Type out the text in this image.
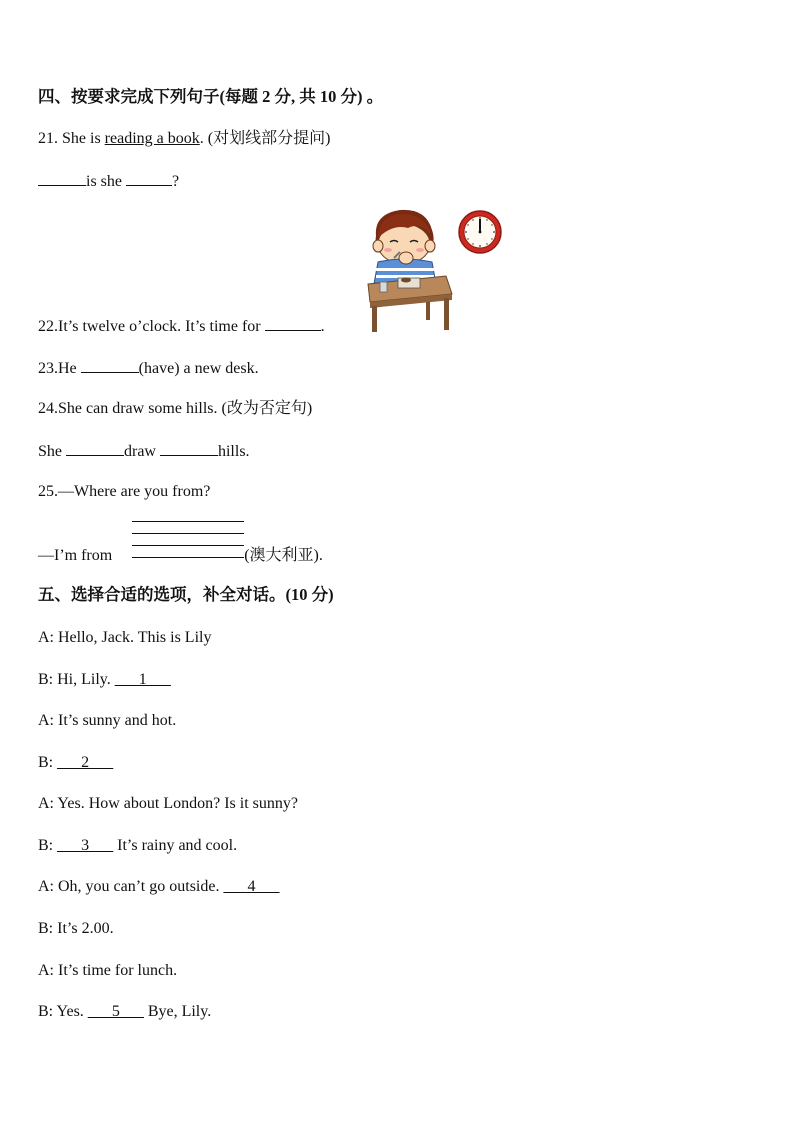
四、按要求完成下列句子(每题 2 分, 共 10 分) 。
21. She is reading a book. (对划线部分提问)
is she	?
22.It’s twelve o’clock. It’s time for	.
23.He	(have) a new desk.
24.She can draw some hills. (改为否定句)
She	draw	hills.
25.—Where are you from?
—I’m from	(澳大利亚).
五、选择合适的选项，补全对话。(10 分)
A: Hello, Jack. This is Lily
B: Hi, Lily. ___1___
A: It’s sunny and hot.
B: ___2___
A: Yes. How about London? Is it sunny?
B: ___3___ It’s rainy and cool.
A: Oh, you can’t go outside. ___4___
B: It’s 2.00.
A: It’s time for lunch.
B: Yes. ___5___ Bye, Lily.
